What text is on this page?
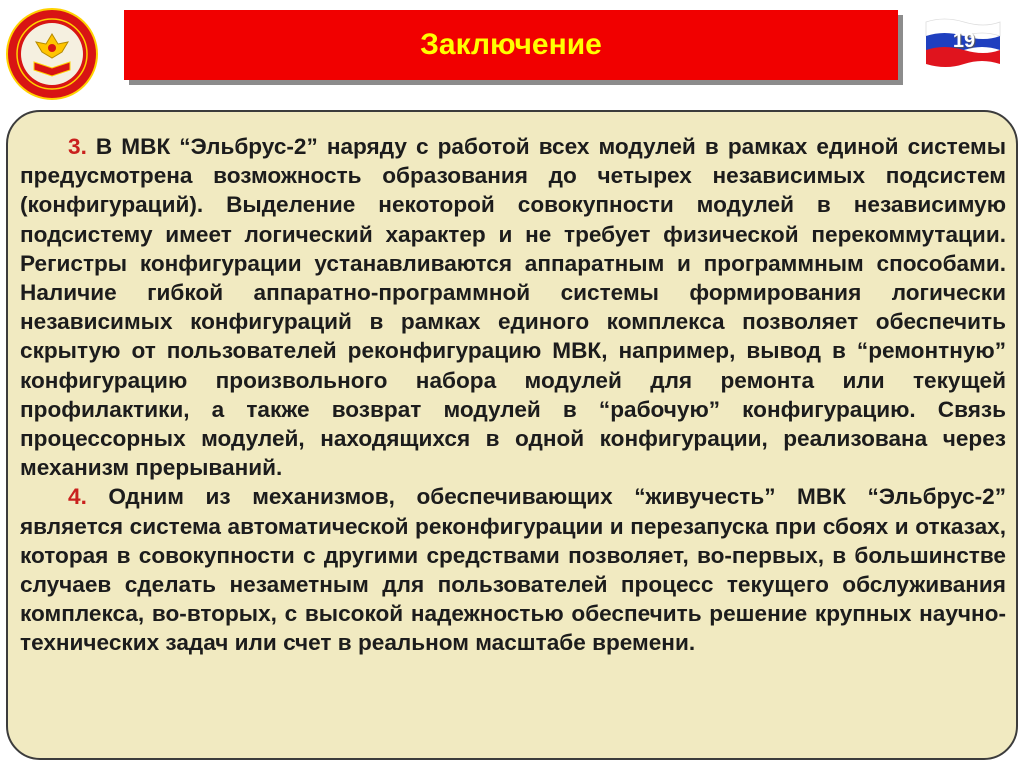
Заключение	19

3. В МВК “Эльбрус-2” наряду с работой всех модулей в рамках единой системы предусмотрена возможность образования до четырех независимых подсистем (конфигураций). Выделение некоторой совокупности модулей в независимую подсистему имеет логический характер и не требует физической перекоммутации. Регистры конфигурации устанавливаются аппаратным и программным способами. Наличие гибкой аппаратно-программной системы формирования логически независимых конфигураций в рамках единого комплекса позволяет обеспечить скрытую от пользователей реконфигурацию МВК, например, вывод в “ремонтную” конфигурацию произвольного набора модулей для ремонта или текущей профилактики, а также возврат модулей в “рабочую” конфигурацию. Связь процессорных модулей, находящихся в одной конфигурации, реализована через механизм прерываний.

4. Одним из механизмов, обеспечивающих “живучесть” МВК “Эльбрус-2” является система автоматической реконфигурации и перезапуска при сбоях и отказах, которая в совокупности с другими средствами позволяет, во-первых, в большинстве случаев сделать незаметным для пользователей процесс текущего обслуживания комплекса, во-вторых, с высокой надежностью обеспечить решение крупных научно-технических задач или счет в реальном масштабе времени.
